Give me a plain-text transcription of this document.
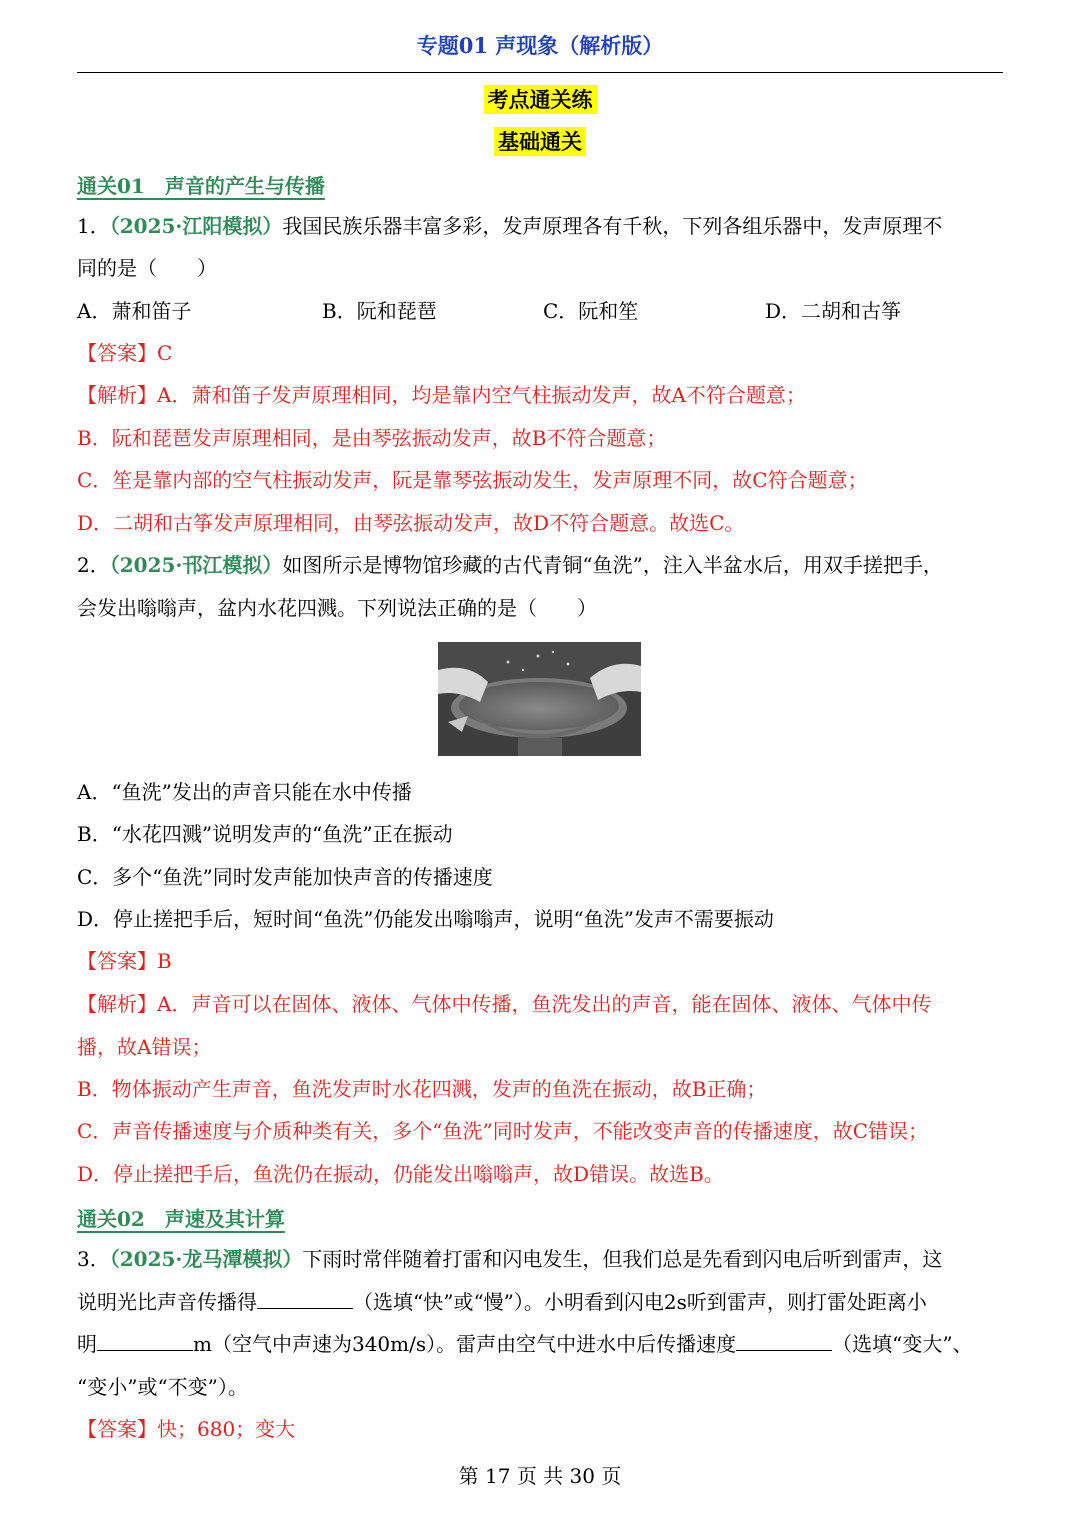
专题01 声现象（解析版）
考点通关练
基础通关
通关01　声音的产生与传播
1．（2025·江阳模拟）我国民族乐器丰富多彩，发声原理各有千秋，下列各组乐器中，发声原理不
同的是（　　）
A．萧和笛子	B．阮和琵琶	C．阮和笙	D．二胡和古筝
【答案】C
【解析】A．萧和笛子发声原理相同，均是靠内空气柱振动发声，故A不符合题意；
B．阮和琵琶发声原理相同，是由琴弦振动发声，故B不符合题意；
C．笙是靠内部的空气柱振动发声，阮是靠琴弦振动发生，发声原理不同，故C符合题意；
D．二胡和古筝发声原理相同，由琴弦振动发声，故D不符合题意。故选C。
2．（2025·邗江模拟）如图所示是博物馆珍藏的古代青铜“鱼洗”，注入半盆水后，用双手搓把手，
会发出嗡嗡声，盆内水花四溅。下列说法正确的是（　　）
A．“鱼洗”发出的声音只能在水中传播
B．“水花四溅”说明发声的“鱼洗”正在振动
C．多个“鱼洗”同时发声能加快声音的传播速度
D．停止搓把手后，短时间“鱼洗”仍能发出嗡嗡声，说明“鱼洗”发声不需要振动
【答案】B
【解析】A．声音可以在固体、液体、气体中传播，鱼洗发出的声音，能在固体、液体、气体中传
播，故A错误；
B．物体振动产生声音，鱼洗发声时水花四溅，发声的鱼洗在振动，故B正确；
C．声音传播速度与介质种类有关，多个“鱼洗”同时发声，不能改变声音的传播速度，故C错误；
D．停止搓把手后，鱼洗仍在振动，仍能发出嗡嗡声，故D错误。故选B。
通关02　声速及其计算
3．（2025·龙马潭模拟）下雨时常伴随着打雷和闪电发生，但我们总是先看到闪电后听到雷声，这
说明光比声音传播得	（选填“快”或“慢”）。小明看到闪电2s听到雷声，则打雷处距离小
明	m（空气中声速为340m/s）。雷声由空气中进水中后传播速度	（选填“变大”、
“变小”或“不变”）。
【答案】快；680；变大
第 17 页 共 30 页
